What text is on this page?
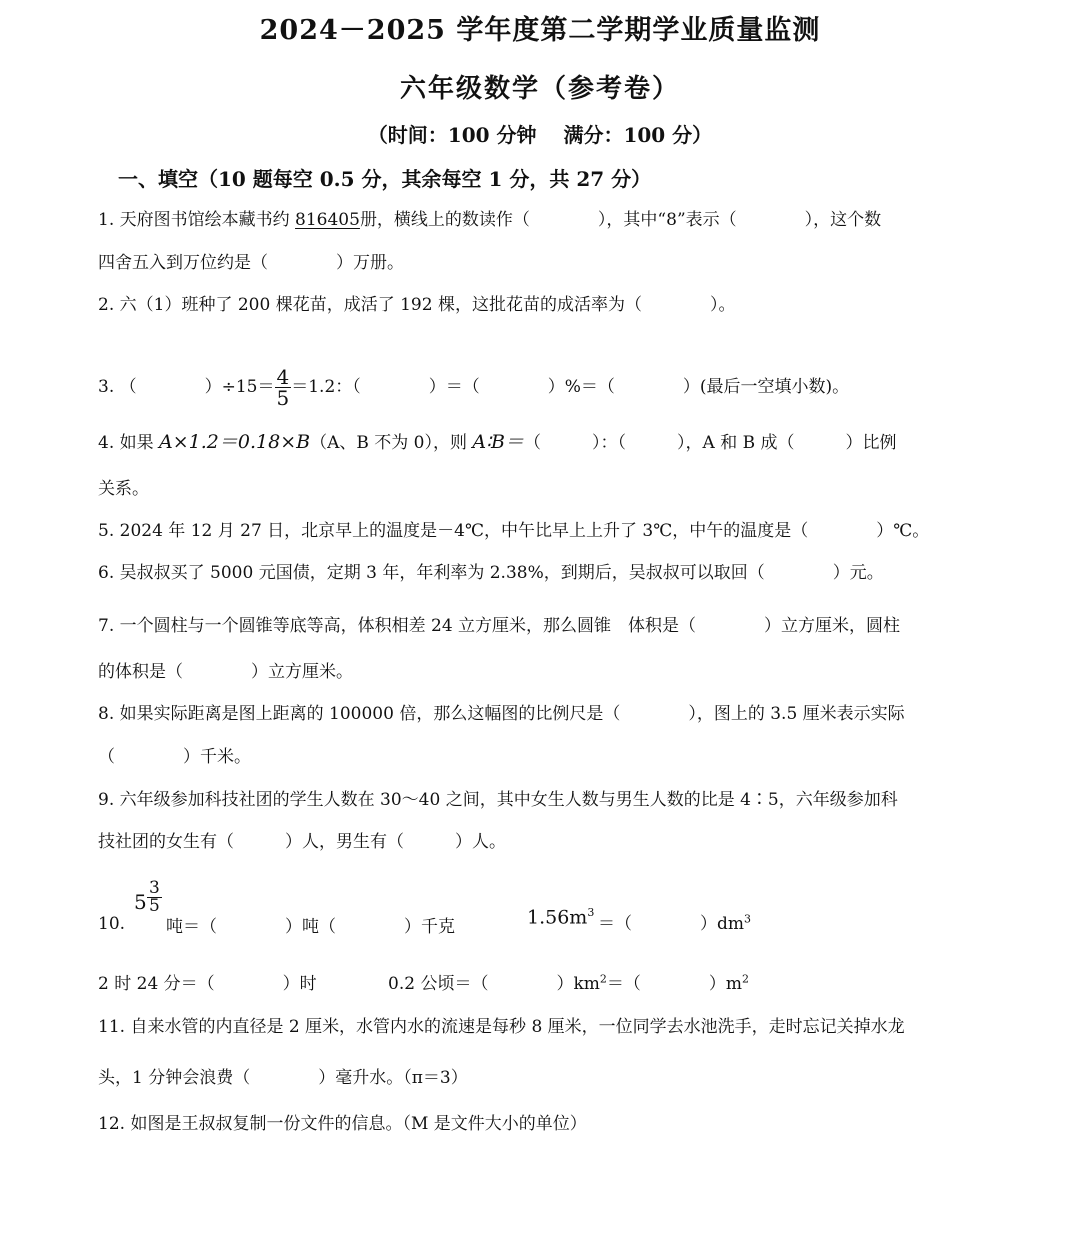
2024－2025 学年度第二学期学业质量监测
六年级数学（参考卷）
（时间：100 分钟　 满分：100 分）
一、填空（10 题每空 0.5 分，其余每空 1 分，共 27 分）
1. 天府图书馆绘本藏书约 816405册，横线上的数读作（　　　　），其中“8”表示（　　　　），这个数
四舍五入到万位约是（　　　　）万册。
2. 六（1）班种了 200 棵花苗，成活了 192 棵，这批花苗的成活率为（　　　　）。
3. （　　　　）$\div 15= \frac{4}{5} =1.2$：（　　　　）＝（　　　　）%＝（　　　　）(最后一空填小数)。
4. 如果 A×1.2＝0.18×B（A、B 不为 0），则 A∶B＝（　　　）：（　　　），A 和 B 成（　　　）比例
关系。
5. 2024 年 12 月 27 日，北京早上的温度是－4℃，中午比早上上升了 3℃，中午的温度是（　　　　）℃。
6. 吴叔叔买了 5000 元国债，定期 3 年，年利率为 2.38%，到期后，吴叔叔可以取回（　　　　）元。
7. 一个圆柱与一个圆锥等底等高，体积相差 24 立方厘米，那么圆锥　体积是（　　　　）立方厘米，圆柱
的体积是（　　　　）立方厘米。
8. 如果实际距离是图上距离的 100000 倍，那么这幅图的比例尺是（　　　　），图上的 3.5 厘米表示实际
（　　　　）千米。
9. 六年级参加科技社团的学生人数在 30～40 之间，其中女生人数与男生人数的比是 4∶5，六年级参加科
技社团的女生有（　　　）人，男生有（　　　）人。
10.
$5 \frac{3}{5}$
吨＝（　　　　）吨（　　　　）千克	$1.56m^3$
＝（　　　　）$dm^3$
2 时 24 分＝（　　　　）时	0.2 公顷＝（　　　　）$km^2=$（　　　　）$m^2$
11. 自来水管的内直径是 2 厘米，水管内水的流速是每秒 8 厘米，一位同学去水池洗手，走时忘记关掉水龙
头，1 分钟会浪费（　　　　）毫升水。（π＝3）
12. 如图是王叔叔复制一份文件的信息。（M 是文件大小的单位）
